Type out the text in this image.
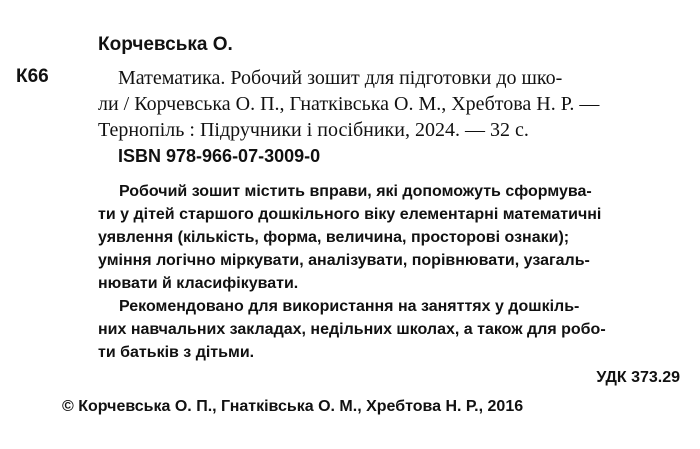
Корчевська О.
К66	Математика. Робочий зошит для підготовки до шко-
ли / Корчевська О. П., Гнатківська О. М., Хребтова Н. Р. —
Тернопіль : Підручники і посібники, 2024. — 32 с.
ISBN 978-966-07-3009-0
Робочий зошит містить вправи, які допоможуть сформува-
ти у дітей старшого дошкільного віку елементарні математичні
уявлення (кількість, форма, величина, просторові ознаки);
уміння логічно міркувати, аналізувати, порівнювати, узагаль-
нювати й класифікувати.
Рекомендовано для використання на заняттях у дошкіль-
них навчальних закладах, недільних школах, а також для робо-
ти батьків з дітьми.
УДК 373.29
© Корчевська О. П., Гнатківська О. М., Хребтова Н. Р., 2016
